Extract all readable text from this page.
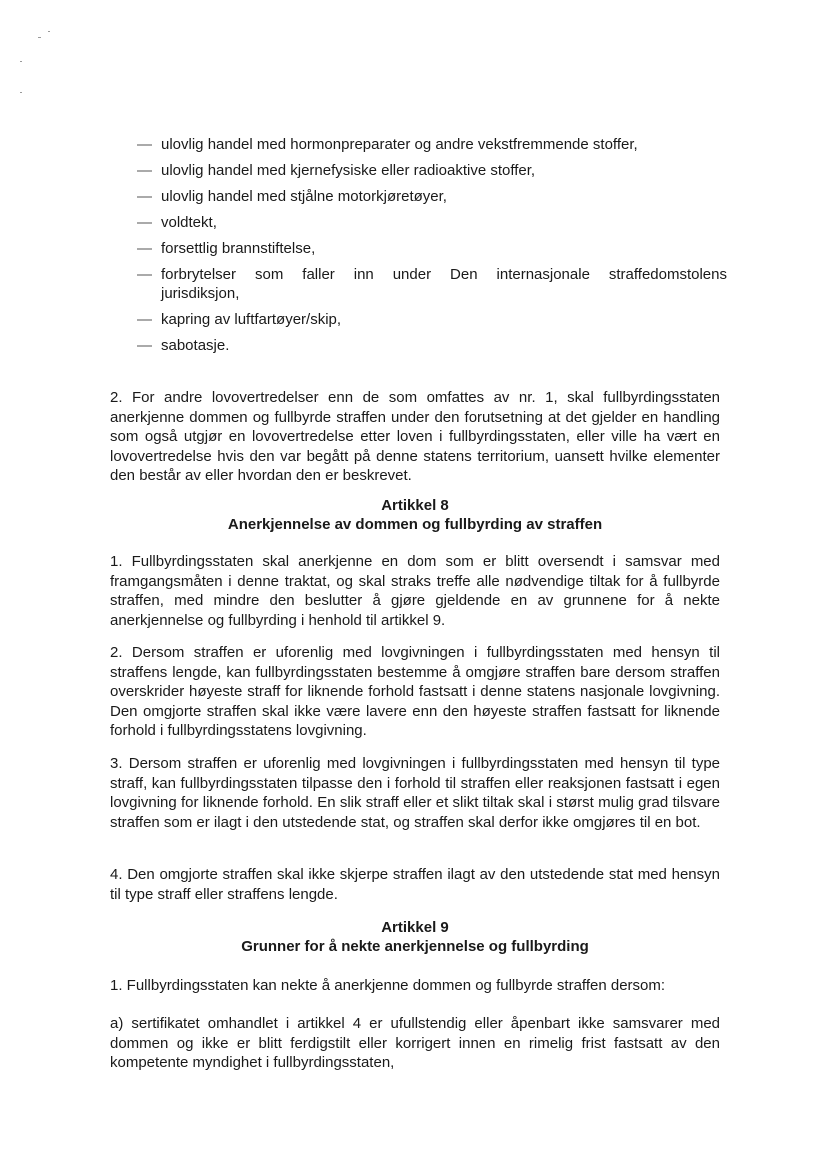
— ulovlig handel med hormonpreparater og andre vekstfremmende stoffer,
— ulovlig handel med kjernefysiske eller radioaktive stoffer,
— ulovlig handel med stjålne motorkjøretøyer,
— voldtekt,
— forsettlig brannstiftelse,
— forbrytelser som faller inn under Den internasjonale straffedomstolens
jurisdiksjon,
— kapring av luftfartøyer/skip,
— sabotasje.

2. For andre lovovertredelser enn de som omfattes av nr. 1, skal fullbyrdingsstaten anerkjenne dommen og fullbyrde straffen under den forutsetning at det gjelder en handling som også utgjør en lovovertredelse etter loven i fullbyrdingsstaten, eller ville ha vært en lovovertredelse hvis den var begått på denne statens territorium, uansett hvilke elementer den består av eller hvordan den er beskrevet.

Artikkel 8
Anerkjennelse av dommen og fullbyrding av straffen

1. Fullbyrdingsstaten skal anerkjenne en dom som er blitt oversendt i samsvar med framgangsmåten i denne traktat, og skal straks treffe alle nødvendige tiltak for å fullbyrde straffen, med mindre den beslutter å gjøre gjeldende en av grunnene for å nekte anerkjennelse og fullbyrding i henhold til artikkel 9.

2. Dersom straffen er uforenlig med lovgivningen i fullbyrdingsstaten med hensyn til straffens lengde, kan fullbyrdingsstaten bestemme å omgjøre straffen bare dersom straffen overskrider høyeste straff for liknende forhold fastsatt i denne statens nasjonale lovgivning. Den omgjorte straffen skal ikke være lavere enn den høyeste straffen fastsatt for liknende forhold i fullbyrdingsstatens lovgivning.

3. Dersom straffen er uforenlig med lovgivningen i fullbyrdingsstaten med hensyn til type straff, kan fullbyrdingsstaten tilpasse den i forhold til straffen eller reaksjonen fastsatt i egen lovgivning for liknende forhold. En slik straff eller et slikt tiltak skal i størst mulig grad tilsvare straffen som er ilagt i den utstedende stat, og straffen skal derfor ikke omgjøres til en bot.

4. Den omgjorte straffen skal ikke skjerpe straffen ilagt av den utstedende stat med hensyn til type straff eller straffens lengde.

Artikkel 9
Grunner for å nekte anerkjennelse og fullbyrding

1. Fullbyrdingsstaten kan nekte å anerkjenne dommen og fullbyrde straffen dersom:

a) sertifikatet omhandlet i artikkel 4 er ufullstendig eller åpenbart ikke samsvarer med dommen og ikke er blitt ferdigstilt eller korrigert innen en rimelig frist fastsatt av den kompetente myndighet i fullbyrdingsstaten,
